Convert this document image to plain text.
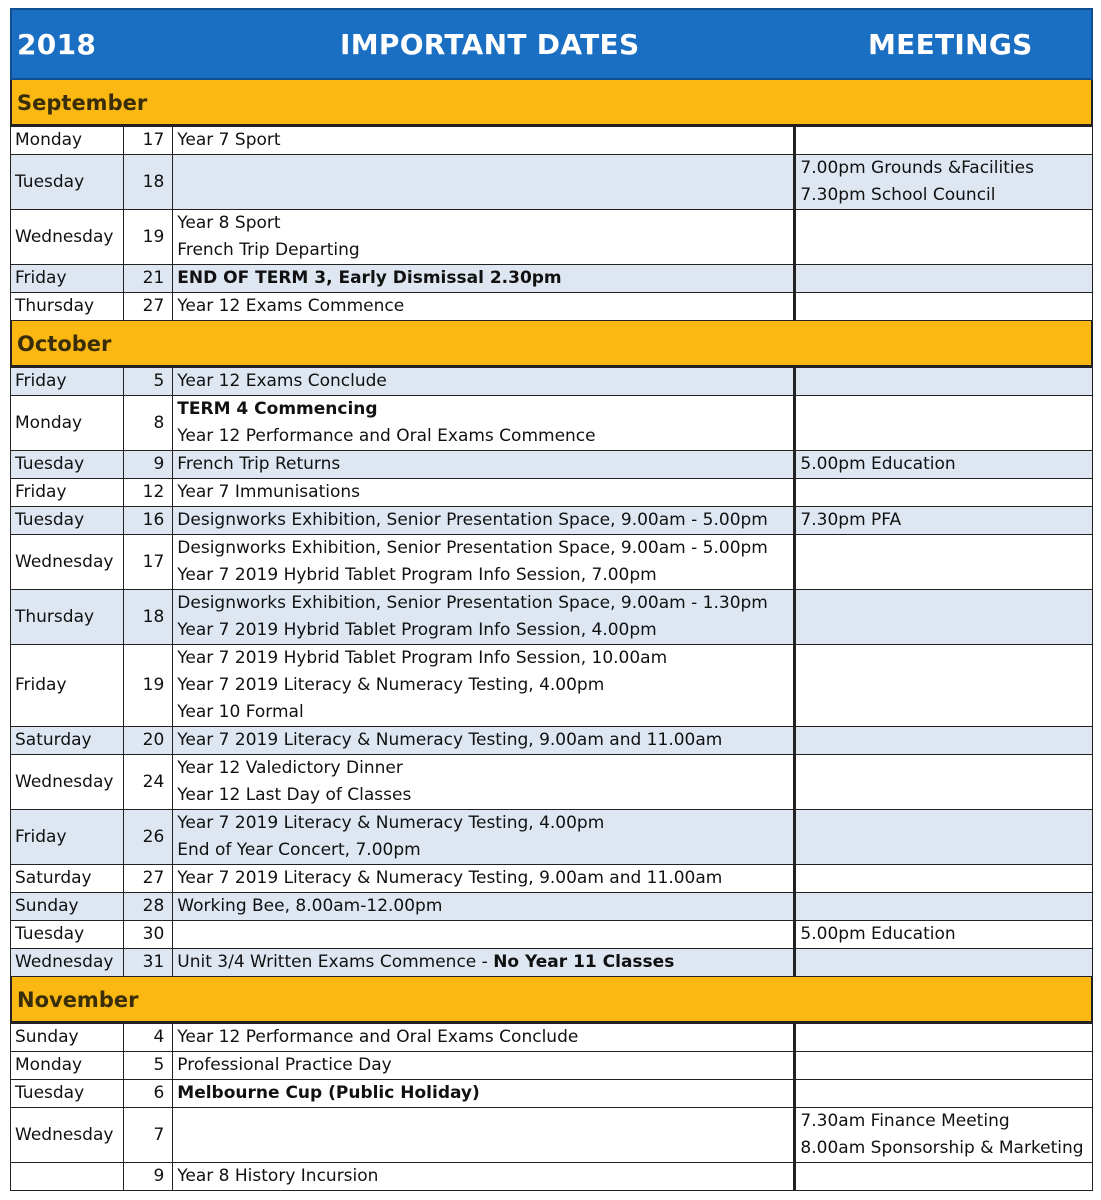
2018	IMPORTANT DATES	MEETINGS
September
Monday	17	Year 7 Sport	

Tuesday	18		7.00pm Grounds &Facilities
7.30pm School Council

Wednesday	19	Year 8 Sport
French Trip Departing	

Friday	21	END OF TERM 3, Early Dismissal 2.30pm	

Thursday	27	Year 12 Exams Commence	

October
Friday	5	Year 12 Exams Conclude	

Monday	8	TERM 4 Commencing
Year 12 Performance and Oral Exams Commence	

Tuesday	9	French Trip Returns	5.00pm Education

Friday	12	Year 7 Immunisations	

Tuesday	16	Designworks Exhibition, Senior Presentation Space, 9.00am - 5.00pm	7.30pm PFA

Wednesday	17	Designworks Exhibition, Senior Presentation Space, 9.00am - 5.00pm
Year 7 2019 Hybrid Tablet Program Info Session, 7.00pm	

Thursday	18	Designworks Exhibition, Senior Presentation Space, 9.00am - 1.30pm
Year 7 2019 Hybrid Tablet Program Info Session, 4.00pm	

Friday	19	Year 7 2019 Hybrid Tablet Program Info Session, 10.00am
Year 7 2019 Literacy & Numeracy Testing, 4.00pm
Year 10 Formal	

Saturday	20	Year 7 2019 Literacy & Numeracy Testing, 9.00am and 11.00am	

Wednesday	24	Year 12 Valedictory Dinner
Year 12 Last Day of Classes	

Friday	26	Year 7 2019 Literacy & Numeracy Testing, 4.00pm
End of Year Concert, 7.00pm	

Saturday	27	Year 7 2019 Literacy & Numeracy Testing, 9.00am and 11.00am	

Sunday	28	Working Bee, 8.00am-12.00pm	

Tuesday	30		5.00pm Education

Wednesday	31	Unit 3/4 Written Exams Commence - No Year 11 Classes	

November
Sunday	4	Year 12 Performance and Oral Exams Conclude	

Monday	5	Professional Practice Day	

Tuesday	6	Melbourne Cup (Public Holiday)	

Wednesday	7		7.30am Finance Meeting
8.00am Sponsorship & Marketing

	9	Year 8 History Incursion	
